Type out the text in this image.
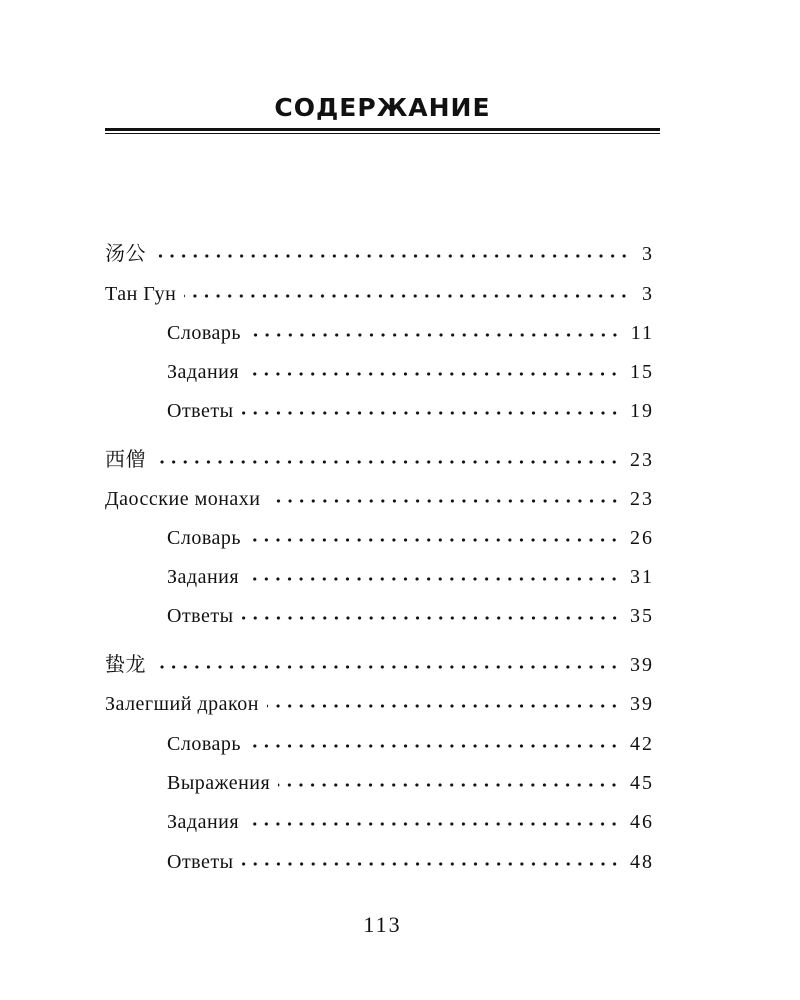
СОДЕРЖАНИЕ
汤公	3
Тан Гун	3
Словарь	11
Задания	15
Ответы	19
西僧	23
Даосские монахи	23
Словарь	26
Задания	31
Ответы	35
蛰龙	39
Залегший дракон	39
Словарь	42
Выражения	45
Задания	46
Ответы	48
113
